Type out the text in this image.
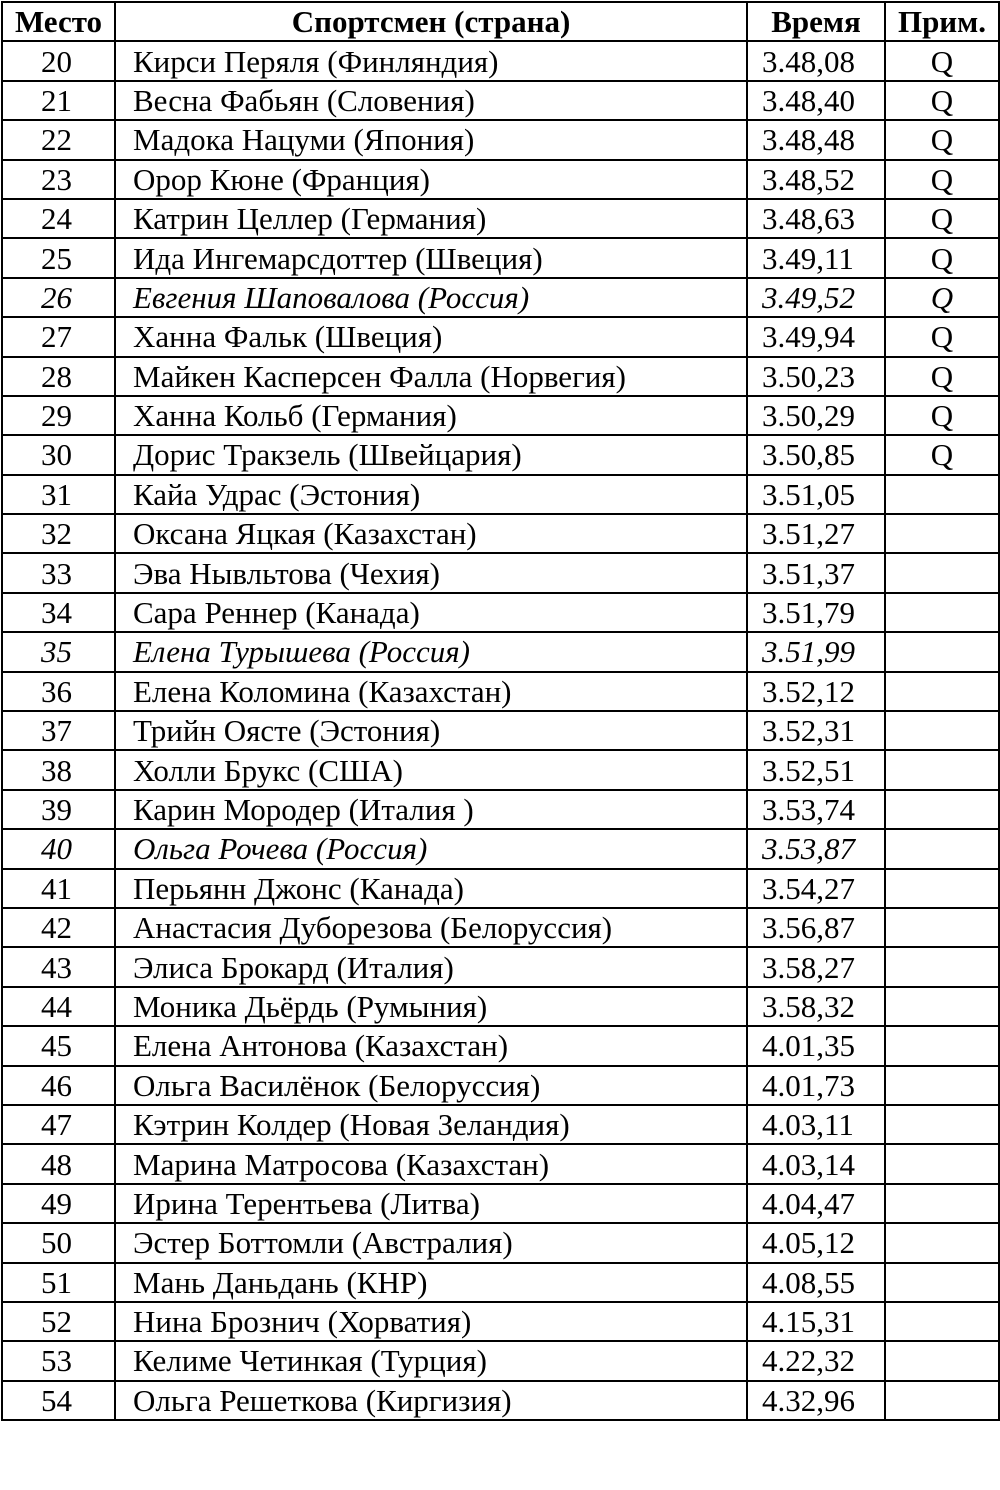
Место	Спортсмен (страна)	Время	Прим.
20	Кирси Перяля (Финляндия)	3.48,08	Q
21	Весна Фабьян (Словения)	3.48,40	Q
22	Мадока Нацуми (Япония)	3.48,48	Q
23	Орор Кюне (Франция)	3.48,52	Q
24	Катрин Целлер (Германия)	3.48,63	Q
25	Ида Ингемарсдоттер (Швеция)	3.49,11	Q
26	Евгения Шаповалова (Россия)	3.49,52	Q
27	Ханна Фальк (Швеция)	3.49,94	Q
28	Майкен Касперсен Фалла (Норвегия)	3.50,23	Q
29	Ханна Кольб (Германия)	3.50,29	Q
30	Дорис Тракзель (Швейцария)	3.50,85	Q
31	Кайа Удрас (Эстония)	3.51,05	
32	Оксана Яцкая (Казахстан)	3.51,27	
33	Эва Нывльтова (Чехия)	3.51,37	
34	Сара Реннер (Канада)	3.51,79	
35	Елена Турышева (Россия)	3.51,99	
36	Елена Коломина (Казахстан)	3.52,12	
37	Трийн Оясте (Эстония)	3.52,31	
38	Холли Брукс (США)	3.52,51	
39	Карин Мородер (Италия )	3.53,74	
40	Ольга Рочева (Россия)	3.53,87	
41	Перьянн Джонс (Канада)	3.54,27	
42	Анастасия Дуборезова (Белоруссия)	3.56,87	
43	Элиса Брокард (Италия)	3.58,27	
44	Моника Дьёрдь (Румыния)	3.58,32	
45	Елена Антонова (Казахстан)	4.01,35	
46	Ольга Василёнок (Белоруссия)	4.01,73	
47	Кэтрин Колдер (Новая Зеландия)	4.03,11	
48	Марина Матросова (Казахстан)	4.03,14	
49	Ирина Терентьева (Литва)	4.04,47	
50	Эстер Боттомли (Австралия)	4.05,12	
51	Мань Даньдань (КНР)	4.08,55	
52	Нина Брознич (Хорватия)	4.15,31	
53	Келиме Четинкая (Турция)	4.22,32	
54	Ольга Решеткова (Киргизия)	4.32,96	
